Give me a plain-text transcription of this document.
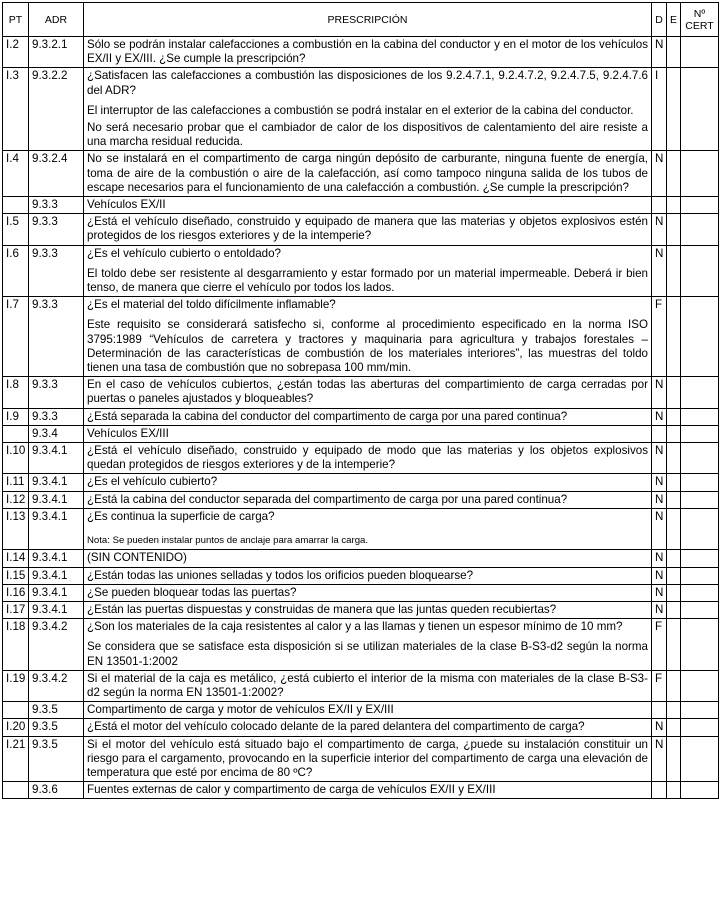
PT	ADR	PRESCRIPCIÓN	D	E	Nº
CERT
I.2	9.3.2.1	Sólo se podrán instalar calefacciones a combustión en la cabina del conductor y en el motor de los vehículos EX/II y EX/III. ¿Se cumple la prescripción?	N		
I.3	9.3.2.2	¿Satisfacen las calefacciones a combustión las disposiciones de los 9.2.4.7.1, 9.2.4.7.2, 9.2.4.7.5, 9.2.4.7.6 del ADR?
El interruptor de las calefacciones a combustión se podrá instalar en el exterior de la cabina del conductor.
No será necesario probar que el cambiador de calor de los dispositivos de calentamiento del aire resiste a una marcha residual reducida.	I		
I.4	9.3.2.4	No se instalará en el compartimento de carga ningún depósito de carburante, ninguna fuente de energía, toma de aire de la combustión o aire de la calefacción, así como tampoco ninguna salida de los tubos de escape necesarios para el funcionamiento de una calefacción a combustión. ¿Se cumple la prescripción?	N		
	9.3.3	Vehículos EX/II			

I.5	9.3.3	¿Está el vehículo diseñado, construido y equipado de manera que las materias y objetos explosivos estén protegidos de los riesgos exteriores y de la intemperie?	N		
I.6	9.3.3	¿Es el vehículo cubierto o entoldado?
El toldo debe ser resistente al desgarramiento y estar formado por un material impermeable. Deberá ir bien tenso, de manera que cierre el vehículo por todos los lados.	N		
I.7	9.3.3	¿Es el material del toldo difícilmente inflamable?
Este requisito se considerará satisfecho si, conforme al procedimiento especificado en la norma ISO 3795:1989 “Vehículos de carretera y tractores y maquinaria para agricultura y trabajos forestales – Determinación de las características de combustión de los materiales interiores”, las muestras del toldo tienen una tasa de combustión que no sobrepasa 100 mm/min.	F		
I.8	9.3.3	En el caso de vehículos cubiertos, ¿están todas las aberturas del compartimiento de carga cerradas por puertas o paneles ajustados y bloqueables?	N		
I.9	9.3.3	¿Está separada la cabina del conductor del compartimento de carga por una pared continua?	N		
	9.3.4	Vehículos EX/III			

I.10	9.3.4.1	¿Está el vehículo diseñado, construido y equipado de modo que las materias y los objetos explosivos quedan protegidos de riesgos exteriores y de la intemperie?	N		
I.11	9.3.4.1	¿Es el vehículo cubierto?	N		
I.12	9.3.4.1	¿Está la cabina del conductor separada del compartimento de carga por una pared continua?	N		
I.13	9.3.4.1	¿Es continua la superficie de carga?
Nota: Se pueden instalar puntos de anclaje para amarrar la carga.	N		
I.14	9.3.4.1	(SIN CONTENIDO)	N		
I.15	9.3.4.1	¿Están todas las uniones selladas y todos los orificios pueden bloquearse?	N		
I.16	9.3.4.1	¿Se pueden bloquear todas las puertas?	N		
I.17	9.3.4.1	¿Están las puertas dispuestas y construidas de manera que las juntas queden recubiertas?	N		
I.18	9.3.4.2	¿Son los materiales de la caja resistentes al calor y a las llamas y tienen un espesor mínimo de 10 mm?
Se considera que se satisface esta disposición si se utilizan materiales de la clase B-S3-d2 según la norma EN 13501-1:2002	F		
I.19	9.3.4.2	Si el material de la caja es metálico, ¿está cubierto el interior de la misma con materiales de la clase B-S3-d2 según la norma EN 13501-1:2002?	F		
	9.3.5	Compartimento de carga y motor de vehículos EX/II y EX/III			

I.20	9.3.5	¿Está el motor del vehículo colocado delante de la pared delantera del compartimento de carga?	N		
I.21	9.3.5	Si el motor del vehículo está situado bajo el compartimento de carga, ¿puede su instalación constituir un riesgo para el cargamento, provocando en la superficie interior del compartimento de carga una elevación de temperatura que esté por encima de 80 ºC?	N		
	9.3.6	Fuentes externas de calor y compartimento de carga de vehículos EX/II y EX/III			
